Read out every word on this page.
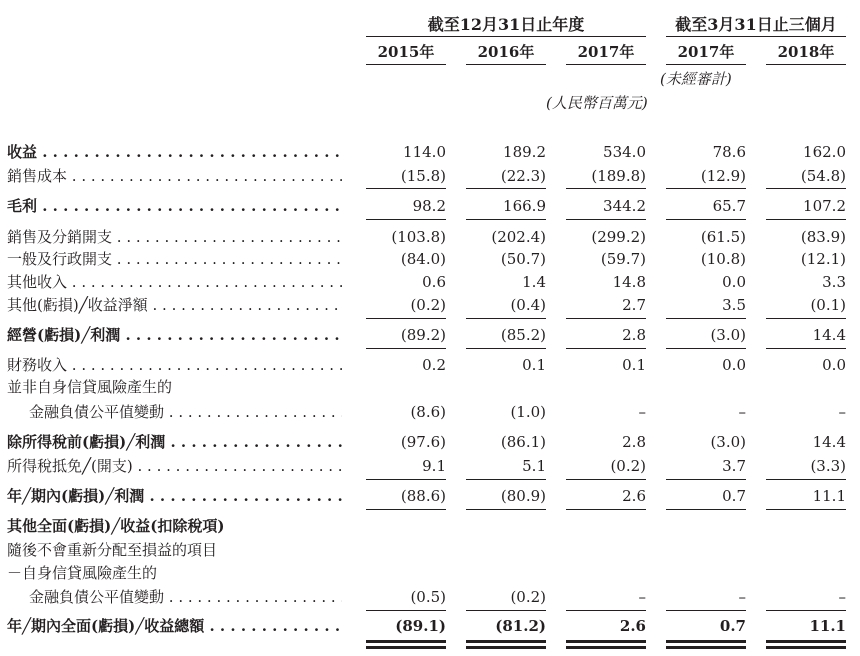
截至12月31日止年度	截至3月31日止三個月
2015年	2016年	2017年	2017年	2018年
(未經審計)
(人民幣百萬元)
收益 . . .	114.0	189.2	534.0	78.6	162.0
銷售成本 . . .	(15.8)	(22.3)	(189.8)	(12.9)	(54.8)
毛利 . . .	98.2	166.9	344.2	65.7	107.2
銷售及分銷開支 . . .	(103.8)	(202.4)	(299.2)	(61.5)	(83.9)
一般及行政開支 . . .	(84.0)	(50.7)	(59.7)	(10.8)	(12.1)
其他收入 . . .	0.6	1.4	14.8	0.0	3.3
其他(虧損)╱收益淨額 . . .	(0.2)	(0.4)	2.7	3.5	(0.1)
經營(虧損)╱利潤 . . .	(89.2)	(85.2)	2.8	(3.0)	14.4
財務收入 . . .	0.2	0.1	0.1	0.0	0.0
並非自身信貸風險產生的
金融負債公平值變動 . . .	(8.6)	(1.0)	–	–	–
除所得稅前(虧損)╱利潤 . . .	(97.6)	(86.1)	2.8	(3.0)	14.4
所得稅抵免╱(開支) . . .	9.1	5.1	(0.2)	3.7	(3.3)
年╱期內(虧損)╱利潤 . . .	(88.6)	(80.9)	2.6	0.7	11.1
其他全面(虧損)╱收益(扣除稅項)
隨後不會重新分配至損益的項目
－自身信貸風險產生的
金融負債公平值變動 . . .	(0.5)	(0.2)	–	–	–
年╱期內全面(虧損)╱收益總額 . . .	(89.1)	(81.2)	2.6	0.7	11.1
